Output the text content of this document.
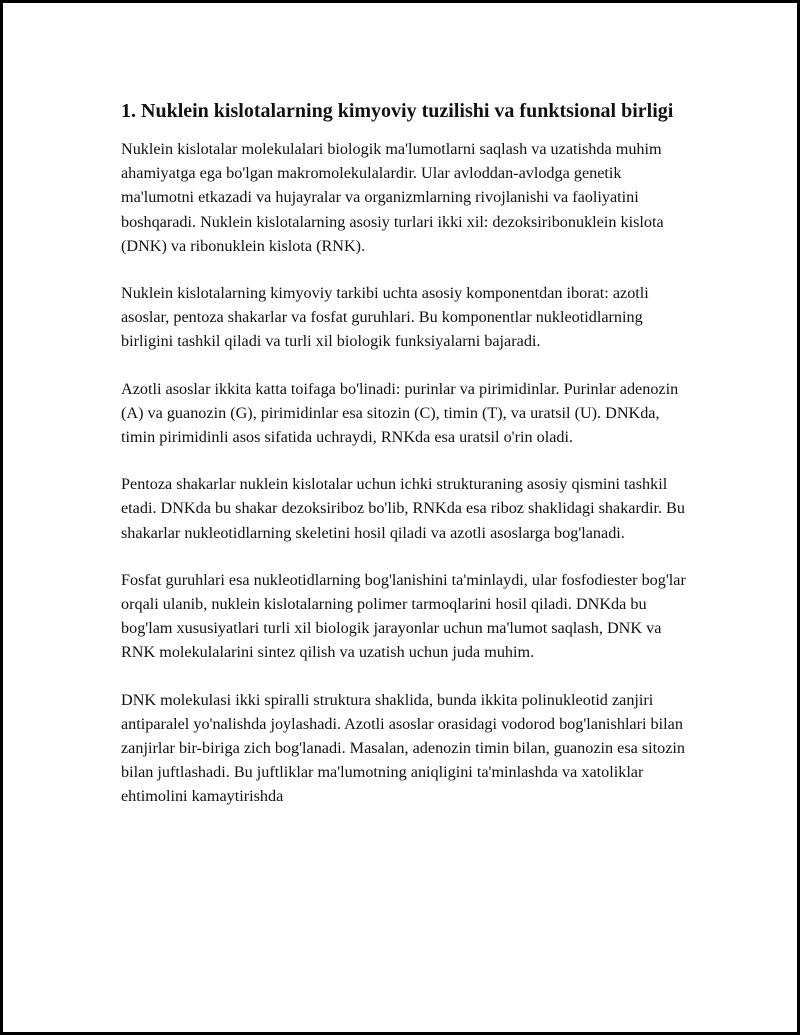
1. Nuklein kislotalarning kimyoviy tuzilishi va funktsional birligi

Nuklein kislotalar molekulalari biologik ma'lumotlarni saqlash va uzatishda muhim ahamiyatga ega bo'lgan makromolekulalardir. Ular avloddan-avlodga genetik ma'lumotni etkazadi va hujayralar va organizmlarning rivojlanishi va faoliyatini boshqaradi. Nuklein kislotalarning asosiy turlari ikki xil: dezoksiribonuklein kislota (DNK) va ribonuklein kislota (RNK).

Nuklein kislotalarning kimyoviy tarkibi uchta asosiy komponentdan iborat: azotli asoslar, pentoza shakarlar va fosfat guruhlari. Bu komponentlar nukleotidlarning birligini tashkil qiladi va turli xil biologik funksiyalarni bajaradi.

Azotli asoslar ikkita katta toifaga bo'linadi: purinlar va pirimidinlar. Purinlar adenozin (A) va guanozin (G), pirimidinlar esa sitozin (C), timin (T), va uratsil (U). DNKda, timin pirimidinli asos sifatida uchraydi, RNKda esa uratsil o'rin oladi.

Pentoza shakarlar nuklein kislotalar uchun ichki strukturaning asosiy qismini tashkil etadi. DNKda bu shakar dezoksiriboz bo'lib, RNKda esa riboz shaklidagi shakardir. Bu shakarlar nukleotidlarning skeletini hosil qiladi va azotli asoslarga bog'lanadi.

Fosfat guruhlari esa nukleotidlarning bog'lanishini ta'minlaydi, ular fosfodiester bog'lar orqali ulanib, nuklein kislotalarning polimer tarmoqlarini hosil qiladi. DNKda bu bog'lam xususiyatlari turli xil biologik jarayonlar uchun ma'lumot saqlash, DNK va RNK molekulalarini sintez qilish va uzatish uchun juda muhim.

DNK molekulasi ikki spiralli struktura shaklida, bunda ikkita polinukleotid zanjiri antiparalel yo'nalishda joylashadi. Azotli asoslar orasidagi vodorod bog'lanishlari bilan zanjirlar bir-biriga zich bog'lanadi. Masalan, adenozin timin bilan, guanozin esa sitozin bilan juftlashadi. Bu juftliklar ma'lumotning aniqligini ta'minlashda va xatoliklar ehtimolini kamaytirishda
